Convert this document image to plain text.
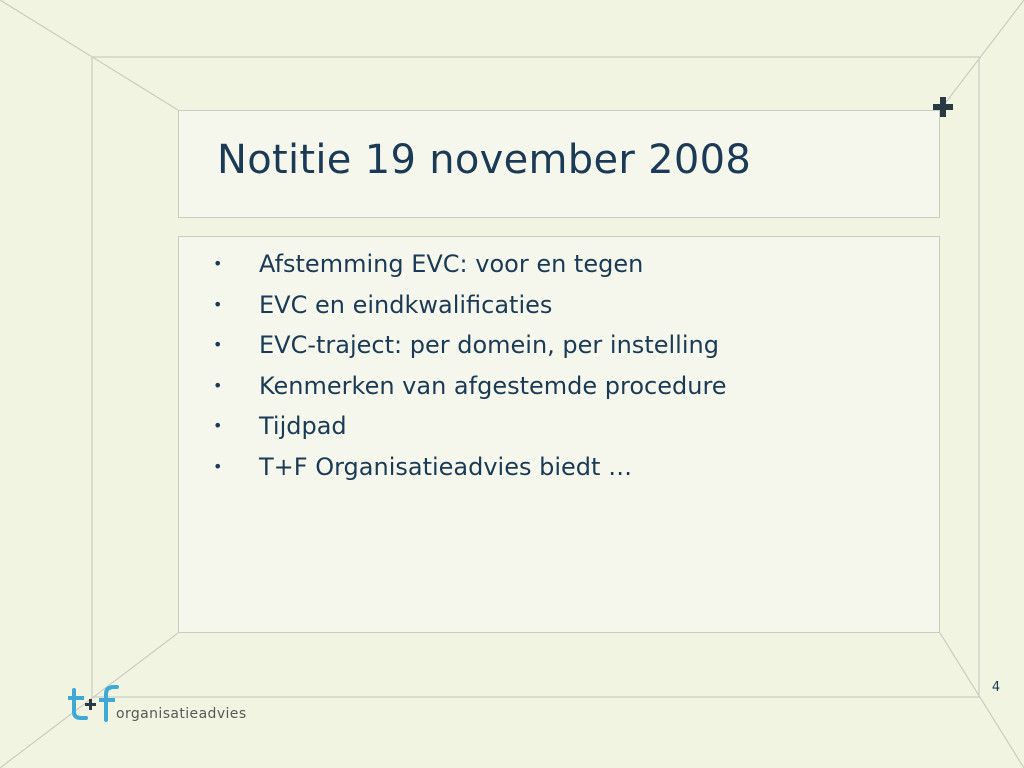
Notitie 19 november 2008
• Afstemming EVC: voor en tegen
• EVC en eindkwalificaties
• EVC-traject: per domein, per instelling
• Kenmerken van afgestemde procedure
• Tijdpad
• T+F Organisatieadvies biedt …
4
organisatieadvies
